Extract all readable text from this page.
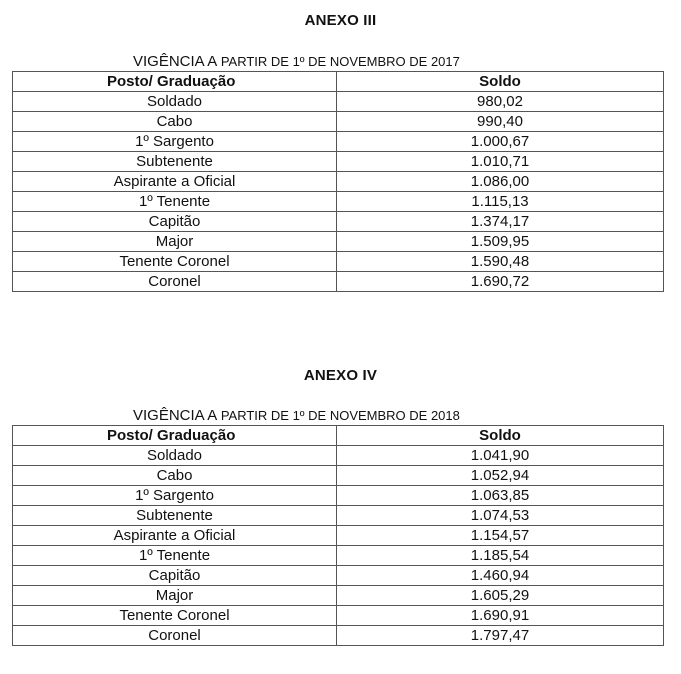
ANEXO III
VIGÊNCIA A PARTIR DE 1º DE NOVEMBRO DE 2017
Posto/ Graduação	Soldo
Soldado	980,02
Cabo	990,40
1º Sargento	1.000,67
Subtenente	1.010,71
Aspirante a Oficial	1.086,00
1º Tenente	1.115,13
Capitão	1.374,17
Major	1.509,95
Tenente Coronel	1.590,48
Coronel	1.690,72
ANEXO IV
VIGÊNCIA A PARTIR DE 1º DE NOVEMBRO DE 2018
Posto/ Graduação	Soldo
Soldado	1.041,90
Cabo	1.052,94
1º Sargento	1.063,85
Subtenente	1.074,53
Aspirante a Oficial	1.154,57
1º Tenente	1.185,54
Capitão	1.460,94
Major	1.605,29
Tenente Coronel	1.690,91
Coronel	1.797,47
